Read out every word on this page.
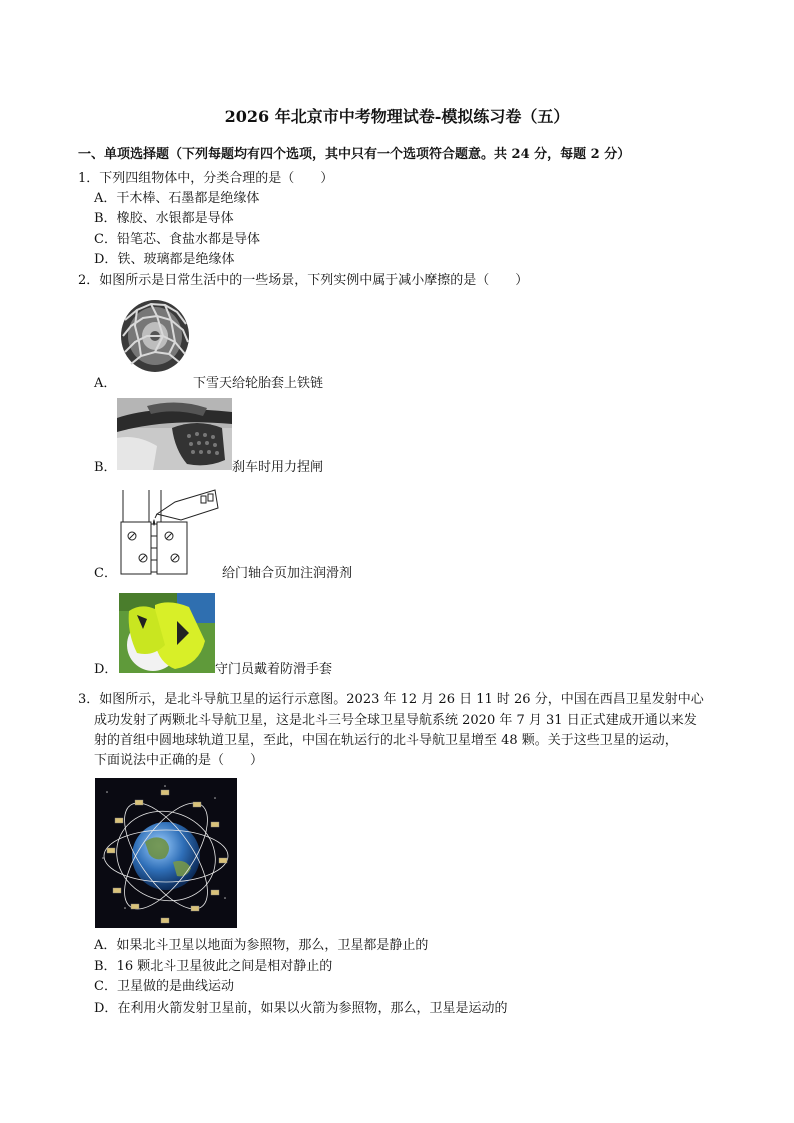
2026 年北京市中考物理试卷-模拟练习卷（五）
一、单项选择题（下列每题均有四个选项，其中只有一个选项符合题意。共 24 分，每题 2 分）
1．下列四组物体中，分类合理的是（　　）
A．干木棒、石墨都是绝缘体
B．橡胶、水银都是导体
C．铅笔芯、食盐水都是导体
D．铁、玻璃都是绝缘体
2．如图所示是日常生活中的一些场景，下列实例中属于减小摩擦的是（　　）
A．	下雪天给轮胎套上铁链
B．	刹车时用力捏闸
C．	给门轴合页加注润滑剂
D．	守门员戴着防滑手套
3．如图所示，是北斗导航卫星的运行示意图。2023 年 12 月 26 日 11 时 26 分，中国在西昌卫星发射中心
成功发射了两颗北斗导航卫星，这是北斗三号全球卫星导航系统 2020 年 7 月 31 日正式建成开通以来发
射的首组中圆地球轨道卫星，至此，中国在轨运行的北斗导航卫星增至 48 颗。关于这些卫星的运动，
下面说法中正确的是（　　）
A．如果北斗卫星以地面为参照物，那么，卫星都是静止的
B．16 颗北斗卫星彼此之间是相对静止的
C．卫星做的是曲线运动
D．在利用火箭发射卫星前，如果以火箭为参照物，那么，卫星是运动的
